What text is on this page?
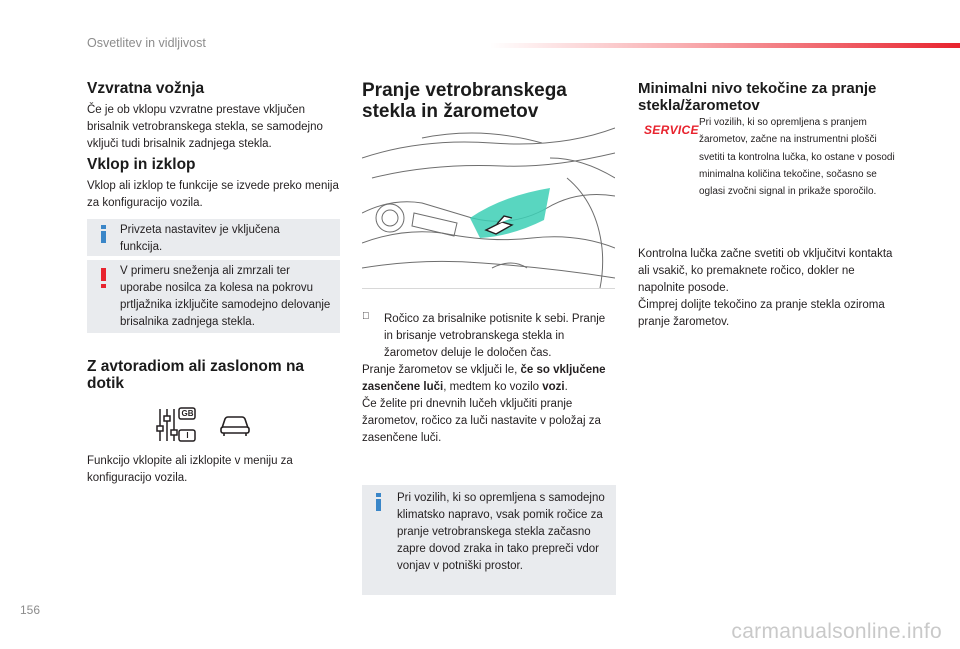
Osvetlitev in vidljivost
Vzvratna vožnja

Če je ob vklopu vzvratne prestave vključen brisalnik vetrobranskega stekla, se samodejno vključi tudi brisalnik zadnjega stekla.

Vklop in izklop

Vklop ali izklop te funkcije se izvede preko menija za konfiguracijo vozila.

Privzeta nastavitev je vključena funkcija.

V primeru sneženja ali zmrzali ter uporabe nosilca za kolesa na pokrovu prtljažnika izključite samodejno delovanje brisalnika zadnjega stekla.

Z avtoradiom ali zaslonom na dotik
GB
I

Funkcijo vklopite ali izklopite v meniju za konfiguracijo vozila.

Pranje vetrobranskega stekla in žarometov

Ročico za brisalnike potisnite k sebi. Pranje in brisanje vetrobranskega stekla in žarometov deluje le določen čas.

Pranje žarometov se vključi le, če so vključene zasenčene luči, medtem ko vozilo vozi.

Če želite pri dnevnih lučeh vključiti pranje žarometov, ročico za luči nastavite v položaj za zasenčene luči.

Pri vozilih, ki so opremljena s samodejno klimatsko napravo, vsak pomik ročice za pranje vetrobranskega stekla začasno zapre dovod zraka in tako prepreči vdor vonjav v potniški prostor.

Minimalni nivo tekočine za pranje stekla/žarometov
SERVICE
Pri vozilih, ki so opremljena s pranjem žarometov, začne na instrumentni plošči svetiti ta kontrolna lučka, ko ostane v posodi minimalna količina tekočine, sočasno se oglasi zvočni signal in prikaže sporočilo.

Kontrolna lučka začne svetiti ob vključitvi kontakta ali vsakič, ko premaknete ročico, dokler ne napolnite posode.
Čimprej dolijte tekočino za pranje stekla oziroma pranje žarometov.

156
carmanualsonline.info
